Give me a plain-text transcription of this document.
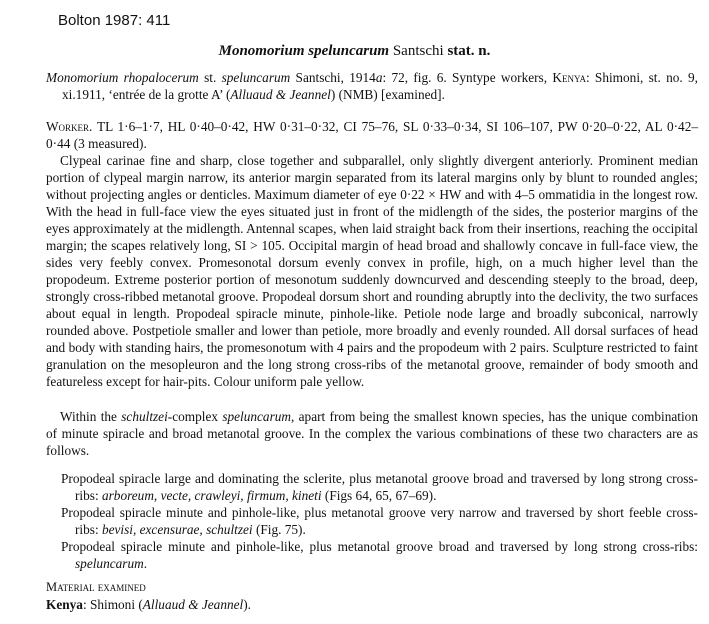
Bolton 1987: 411
Monomorium speluncarum Santschi stat. n.
Monomorium rhopalocerum st. speluncarum Santschi, 1914a: 72, fig. 6. Syntype workers, Kenya: Shimoni, st. no. 9, xi.1911, ‘entrée de la grotte A’ (Alluaud & Jeannel) (NMB) [examined].

Worker. TL 1·6–1·7, HL 0·40–0·42, HW 0·31–0·32, CI 75–76, SL 0·33–0·34, SI 106–107, PW 0·20–0·22, AL 0·42–0·44 (3 measured).

Clypeal carinae fine and sharp, close together and subparallel, only slightly divergent anteriorly. Prominent median portion of clypeal margin narrow, its anterior margin separated from its lateral margins only by blunt to rounded angles; without projecting angles or denticles. Maximum diameter of eye 0·22 × HW and with 4–5 ommatidia in the longest row. With the head in full-face view the eyes situated just in front of the midlength of the sides, the posterior margins of the eyes approximately at the midlength. Antennal scapes, when laid straight back from their insertions, reaching the occipital margin; the scapes relatively long, SI > 105. Occipital margin of head broad and shallowly concave in full-face view, the sides very feebly convex. Promesonotal dorsum evenly convex in profile, high, on a much higher level than the propodeum. Extreme posterior portion of mesonotum suddenly downcurved and descending steeply to the broad, deep, strongly cross-ribbed metanotal groove. Propodeal dorsum short and rounding abruptly into the declivity, the two surfaces about equal in length. Propodeal spiracle minute, pinhole-like. Petiole node large and broadly subconical, narrowly rounded above. Postpetiole smaller and lower than petiole, more broadly and evenly rounded. All dorsal surfaces of head and body with standing hairs, the promesonotum with 4 pairs and the propodeum with 2 pairs. Sculpture restricted to faint granulation on the mesopleuron and the long strong cross-ribs of the metanotal groove, remainder of body smooth and featureless except for hair-pits. Colour uniform pale yellow.

Within the schultzei-complex speluncarum, apart from being the smallest known species, has the unique combination of minute spiracle and broad metanotal groove. In the complex the various combinations of these two characters are as follows.

Propodeal spiracle large and dominating the sclerite, plus metanotal groove broad and traversed by long strong cross-ribs: arboreum, vecte, crawleyi, firmum, kineti (Figs 64, 65, 67–69).

Propodeal spiracle minute and pinhole-like, plus metanotal groove very narrow and traversed by short feeble cross-ribs: bevisi, excensurae, schultzei (Fig. 75).

Propodeal spiracle minute and pinhole-like, plus metanotal groove broad and traversed by long strong cross-ribs: speluncarum.

Material examined
Kenya: Shimoni (Alluaud & Jeannel).
